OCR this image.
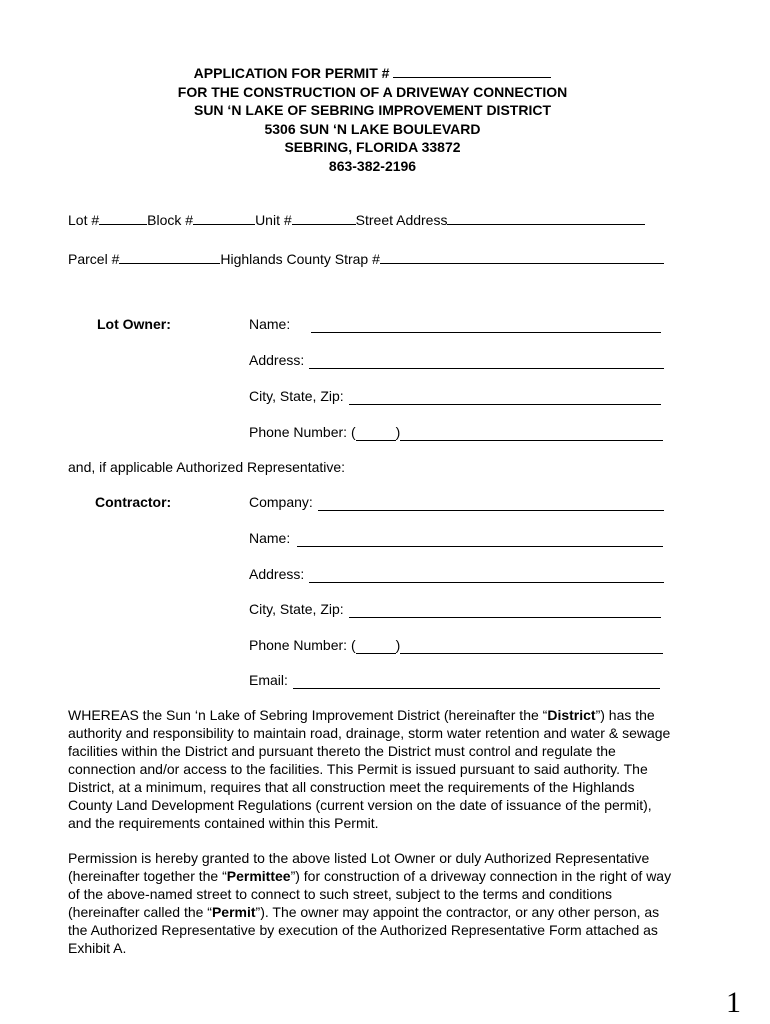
APPLICATION FOR PERMIT #
FOR THE CONSTRUCTION OF A DRIVEWAY CONNECTION
SUN ‘N LAKE OF SEBRING IMPROVEMENT DISTRICT
5306 SUN ‘N LAKE BOULEVARD
SEBRING, FLORIDA 33872
863-382-2196
Lot #	Block #	Unit #	Street Address
Parcel #	Highlands County Strap #
Lot Owner:	Name:
Address:
City, State, Zip:
Phone Number: (	)
and, if applicable Authorized Representative:
Contractor:	Company:
Name:
Address:
City, State, Zip:
Phone Number: (	)
Email:
WHEREAS the Sun ‘n Lake of Sebring Improvement District (hereinafter the “District”) has the authority and responsibility to maintain road, drainage, storm water retention and water & sewage facilities within the District and pursuant thereto the District must control and regulate the connection and/or access to the facilities. This Permit is issued pursuant to said authority. The District, at a minimum, requires that all construction meet the requirements of the Highlands County Land Development Regulations (current version on the date of issuance of the permit), and the requirements contained within this Permit.
Permission is hereby granted to the above listed Lot Owner or duly Authorized Representative (hereinafter together the “Permittee”) for construction of a driveway connection in the right of way of the above-named street to connect to such street, subject to the terms and conditions (hereinafter called the “Permit”). The owner may appoint the contractor, or any other person, as the Authorized Representative by execution of the Authorized Representative Form attached as Exhibit A.
1
